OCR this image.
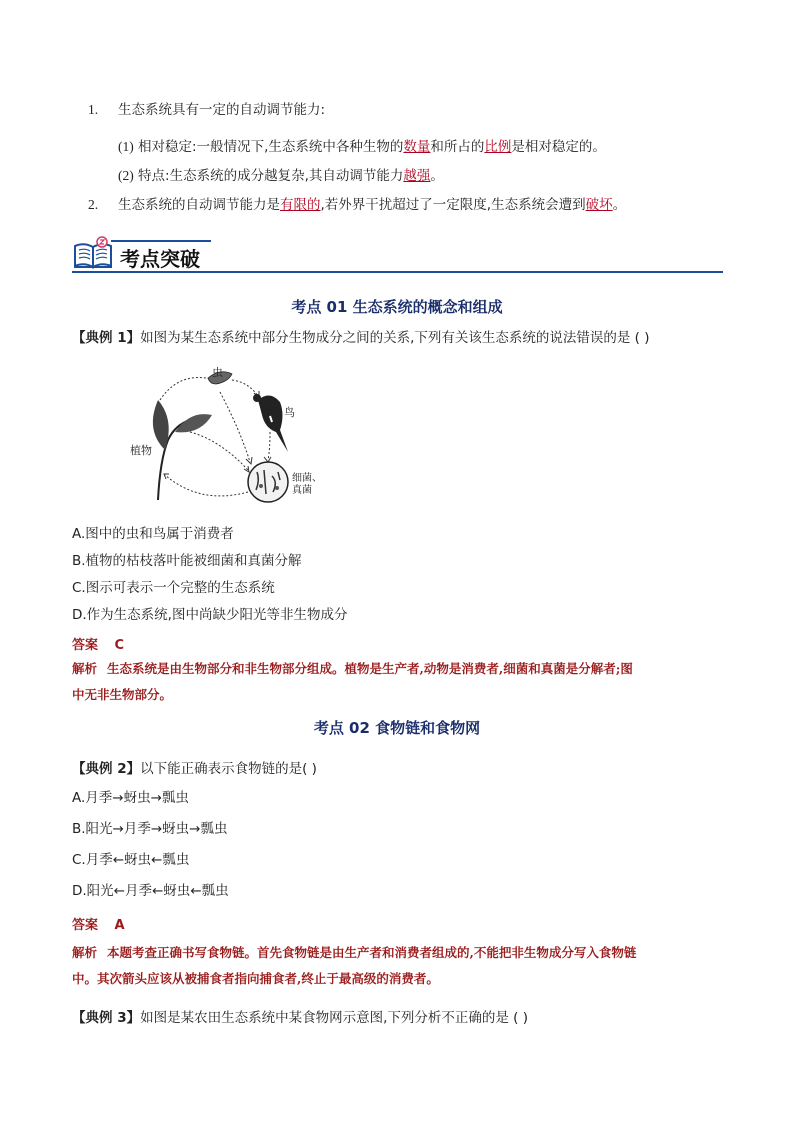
1. 生态系统具有一定的自动调节能力:
(1) 相对稳定:一般情况下,生态系统中各种生物的数量和所占的比例是相对稳定的。
(2) 特点:生态系统的成分越复杂,其自动调节能力越强。
2. 生态系统的自动调节能力是有限的,若外界干扰超过了一定限度,生态系统会遭到破坏。
考点突破
考点 01 生态系统的概念和组成
【典例 1】如图为某生态系统中部分生物成分之间的关系,下列有关该生态系统的说法错误的是 ( )
虫
鸟
植物
细菌、
真菌
A.图中的虫和鸟属于消费者
B.植物的枯枝落叶能被细菌和真菌分解
C.图示可表示一个完整的生态系统
D.作为生态系统,图中尚缺少阳光等非生物成分
答案 C
解析 生态系统是由生物部分和非生物部分组成。植物是生产者,动物是消费者,细菌和真菌是分解者;图
中无非生物部分。
考点 02 食物链和食物网
【典例 2】以下能正确表示食物链的是( )
A.月季→蚜虫→瓢虫
B.阳光→月季→蚜虫→瓢虫
C.月季←蚜虫←瓢虫
D.阳光←月季←蚜虫←瓢虫
答案 A
解析 本题考查正确书写食物链。首先食物链是由生产者和消费者组成的,不能把非生物成分写入食物链
中。其次箭头应该从被捕食者指向捕食者,终止于最高级的消费者。
【典例 3】如图是某农田生态系统中某食物网示意图,下列分析不正确的是 ( )
